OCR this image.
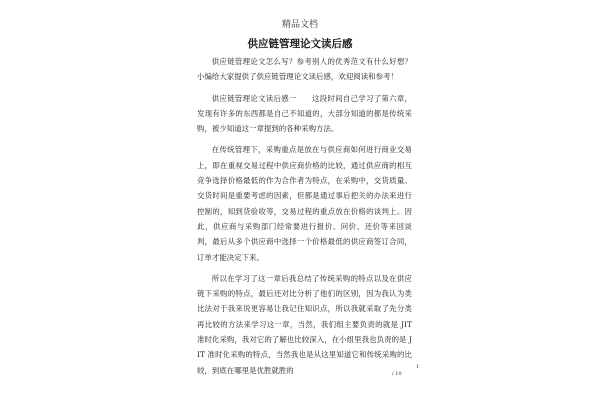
精品文档
供应链管理论文读后感

供应链管理论文怎么写？参考别人的优秀范文有什么好想？小编给大家提供了供应链管理论文读后感，欢迎阅读和参考！

供应链管理论文读后感一　　这段时间自己学习了第六章，发现有许多的东西都是自己不知道的，大部分知道的都是传统采购，被少知道这一章提到的各种采购方法。

在传统管理下，采购重点是放在与供应商如何进行商业交易上，即在重视交易过程中供应商价格的比较，通过供应商的相互竞争选择价格最低的作为合作者为特点，在采购中，交货质量、交货时间是重要考虑的因素，但都是通过事后把关的办法来进行控制的，知到货验收等，交易过程的重点放在价格的谈判上。因此，供应商与采购部门经常要进行报价、问价、还价等来回谈判，最后从多个供应商中选择一个价格最低的供应商签订合同，订单才能决定下来。

所以在学习了这一章后我总结了传统采购的特点以及在供应链下采购的特点，最后还对比分析了他们的区别，因为我认为类比法对于我来说更容易让我记住知识点，所以我就采取了先分类再比较的方法来学习这一章，当然，我们组主要负责的就是 JIT 准时化采购，我对它的了解也比较深入，在小组里我也负责的是 JIT 准时化采购的特点，当然我也是从这里知道它和传统采购的比较，到底在哪里是优胜就胜的	/ 10
1
